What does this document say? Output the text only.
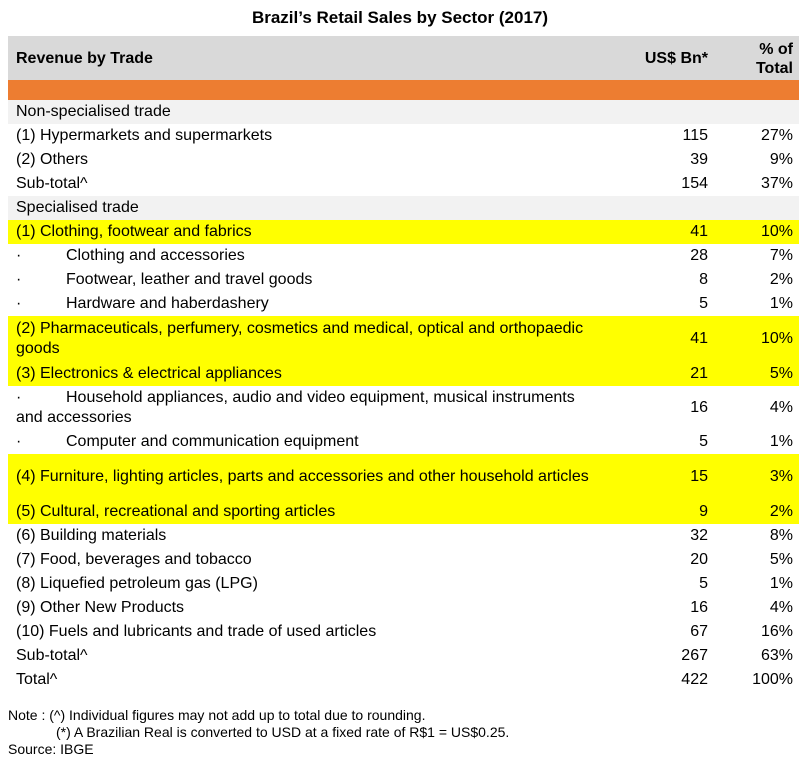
Brazil’s Retail Sales by Sector (2017)
Revenue by Trade	US$ Bn*
% of
Total
Non-specialised trade
(1) Hypermarkets and supermarkets	115	27%
(2) Others	39	9%
Sub-total^	154	37%
Specialised trade
(1) Clothing, footwear and fabrics	41	10%
·	Clothing and accessories	28	7%
·	Footwear, leather and travel goods	8	2%
·	Hardware and haberdashery	5	1%
(2) Pharmaceuticals, perfumery, cosmetics and medical, optical and orthopaedic goods
41	10%
(3) Electronics & electrical appliances	21	5%
·	Household appliances, audio and video equipment, musical instruments and accessories
16	4%
·	Computer and communication equipment	5	1%
(4) Furniture, lighting articles, parts and accessories and other household articles	15	3%
(5) Cultural, recreational and sporting articles	9	2%
(6) Building materials	32	8%
(7) Food, beverages and tobacco	20	5%
(8) Liquefied petroleum gas (LPG)	5	1%
(9) Other New Products	16	4%
(10) Fuels and lubricants and trade of used articles	67	16%
Sub-total^	267	63%
Total^	422	100%
Note : (^) Individual figures may not add up to total due to rounding.
(*) A Brazilian Real is converted to USD at a fixed rate of R$1 = US$0.25.
Source: IBGE
